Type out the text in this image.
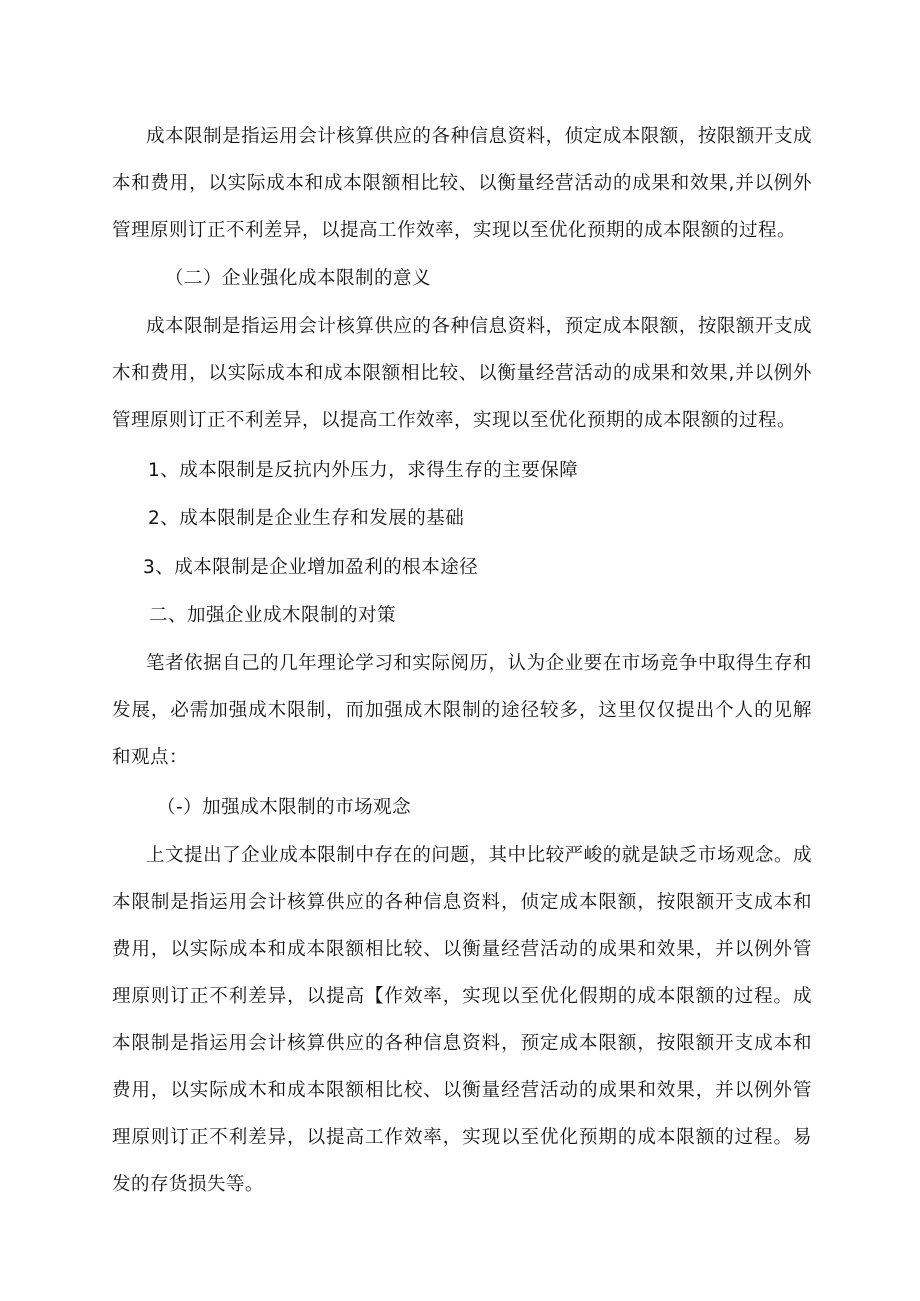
成本限制是指运用会计核算供应的各种信息资料，侦定成本限额，按限额开支成本和费用，以实际成本和成本限额相比较、以衡量经营活动的成果和效果,并以例外管理原则订正不利差异，以提高工作效率，实现以至优化预期的成本限额的过程。

（二）企业强化成本限制的意义

成本限制是指运用会计核算供应的各种信息资料，预定成本限额，按限额开支成木和费用，以实际成本和成本限额相比较、以衡量经营活动的成果和效果,并以例外管理原则订正不利差异，以提高工作效率，实现以至优化预期的成本限额的过程。

1、成本限制是反抗内外压力，求得生存的主要保障

2、成本限制是企业生存和发展的基础

3、成本限制是企业增加盈利的根本途径

二、加强企业成木限制的对策

笔者依据自己的几年理论学习和实际阅历，认为企业要在市场竞争中取得生存和发展，必需加强成木限制，而加强成木限制的途径较多，这里仅仅提出个人的见解和观点：

（-）加强成木限制的市场观念

上文提出了企业成本限制中存在的问题，其中比较严峻的就是缺乏市场观念。成本限制是指运用会计核算供应的各种信息资料，侦定成本限额，按限额开支成本和费用，以实际成本和成本限额相比较、以衡量经营活动的成果和效果，并以例外管理原则订正不利差异，以提高【作效率，实现以至优化假期的成本限额的过程。成本限制是指运用会计核算供应的各种信息资料，预定成本限额，按限额开支成本和费用，以实际成木和成本限额相比校、以衡量经营活动的成果和效果，并以例外管理原则订正不利差异，以提高工作效率，实现以至优化预期的成本限额的过程。易发的存货损失等。
